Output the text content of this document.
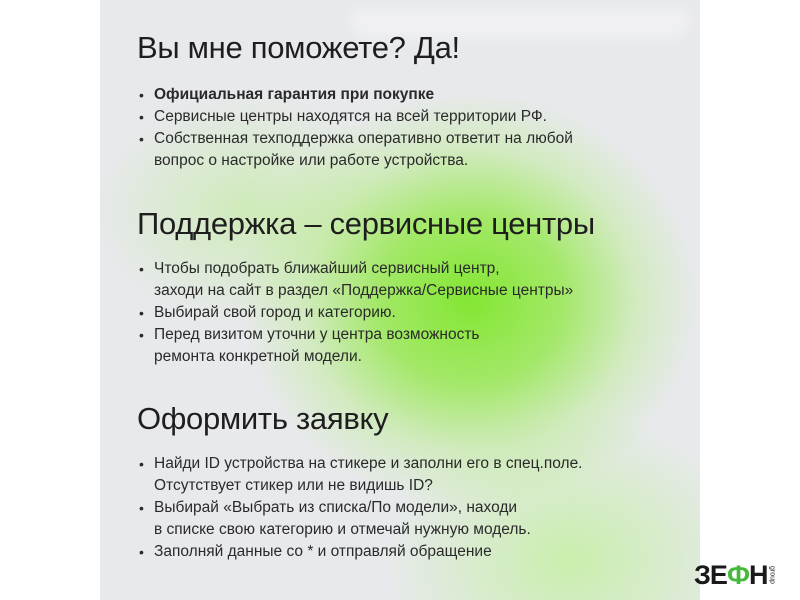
Вы мне поможете? Да!
• Официальная гарантия при покупке
• Сервисные центры находятся на всей территории РФ.
• Собственная техподдержка оперативно ответит на любой
вопрос о настройке или работе устройства.
Поддержка – сервисные центры
• Чтобы подобрать ближайший сервисный центр,
заходи на сайт в раздел «Поддержка/Сервисные центры»
• Выбирай свой город и категорию.
• Перед визитом уточни у центра возможность
ремонта конкретной модели.
Оформить заявку
• Найди ID устройства на стикере и заполни его в спец.поле.
Отсутствует стикер или не видишь ID?
• Выбирай «Выбрать из списка/По модели», находи
в списке свою категорию и отмечай нужную модель.
• Заполняй данные со * и отправляй обращение
ЗЕФН group
